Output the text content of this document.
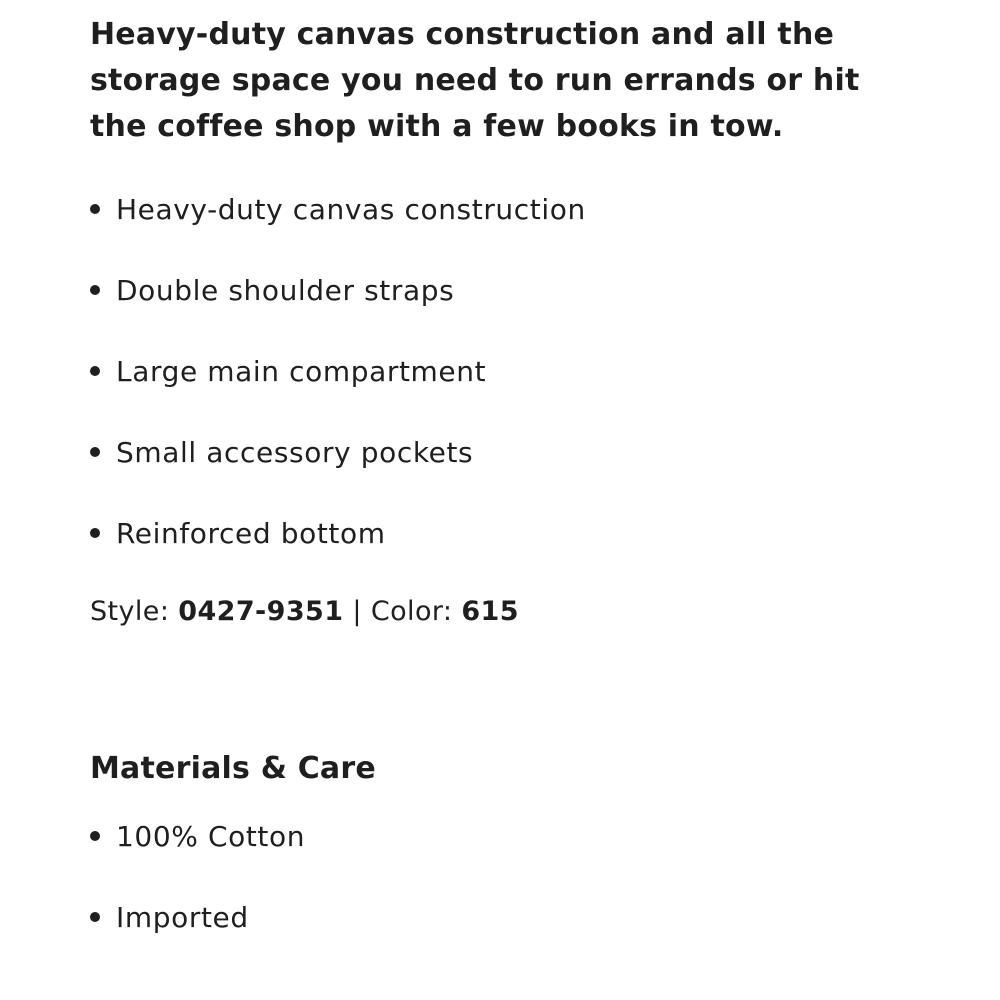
Heavy-duty canvas construction and all the storage space you need to run errands or hit the coffee shop with a few books in tow.

Heavy-duty canvas construction
Double shoulder straps
Large main compartment
Small accessory pockets
Reinforced bottom
Style: 0427-9351 | Color: 615
Materials & Care
100% Cotton
Imported
